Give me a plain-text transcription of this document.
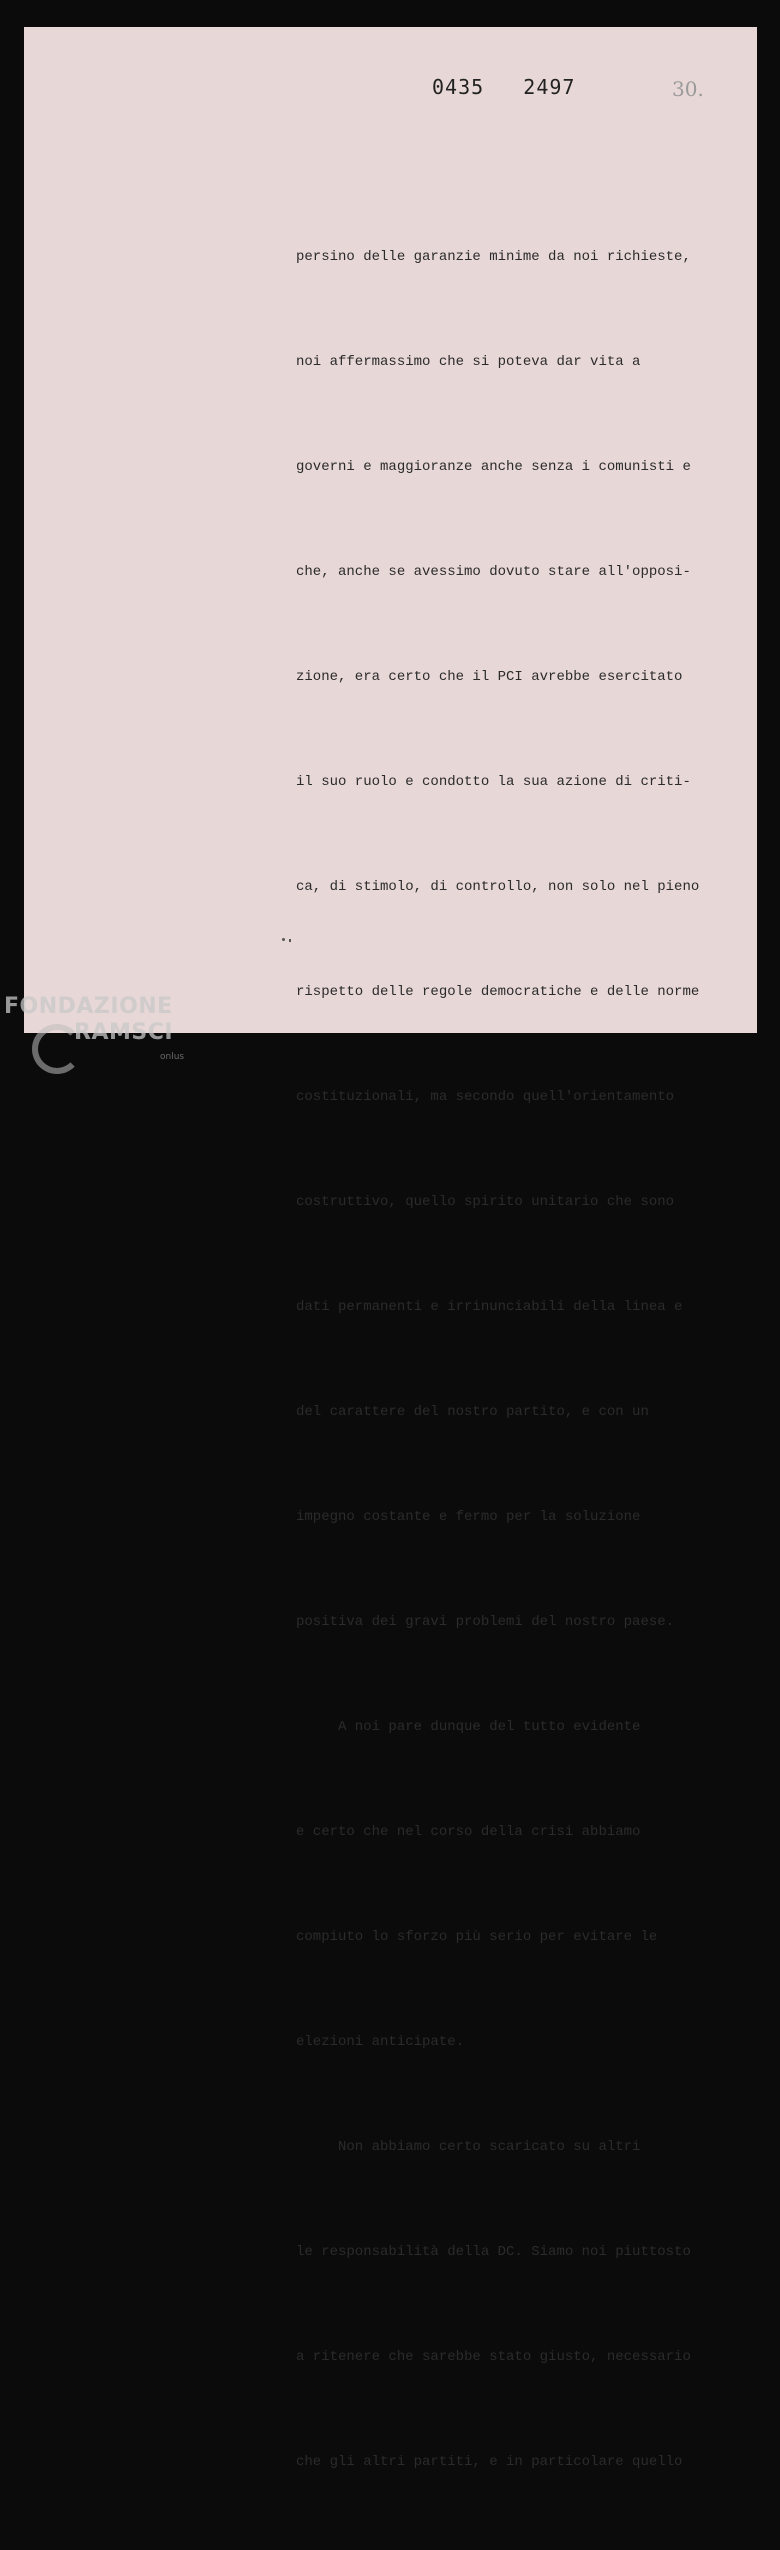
0435   2497	30.

persino delle garanzie minime da noi richieste,

noi affermassimo che si poteva dar vita a

governi e maggioranze anche senza i comunisti e

che, anche se avessimo dovuto stare all'opposi-

zione, era certo che il PCI avrebbe esercitato

il suo ruolo e condotto la sua azione di criti-

ca, di stimolo, di controllo, non solo nel pieno

rispetto delle regole democratiche e delle norme

costituzionali, ma secondo quell'orientamento

costruttivo, quello spirito unitario che sono

dati permanenti e irrinunciabili della linea e

del carattere del nostro partito, e con un

impegno costante e fermo per la soluzione

positiva dei gravi problemi del nostro paese.

A noi pare dunque del tutto evidente

e certo che nel corso della crisi abbiamo

compiuto lo sforzo più serio per evitare le

elezioni anticipate.

Non abbiamo certo scaricato su altri

le responsabilità della DC. Siamo noi piuttosto

a ritenere che sarebbe stato giusto, necessario

che gli altri partiti, e in particolare quello

FONDAZIONE
RAMSCI
onlus
